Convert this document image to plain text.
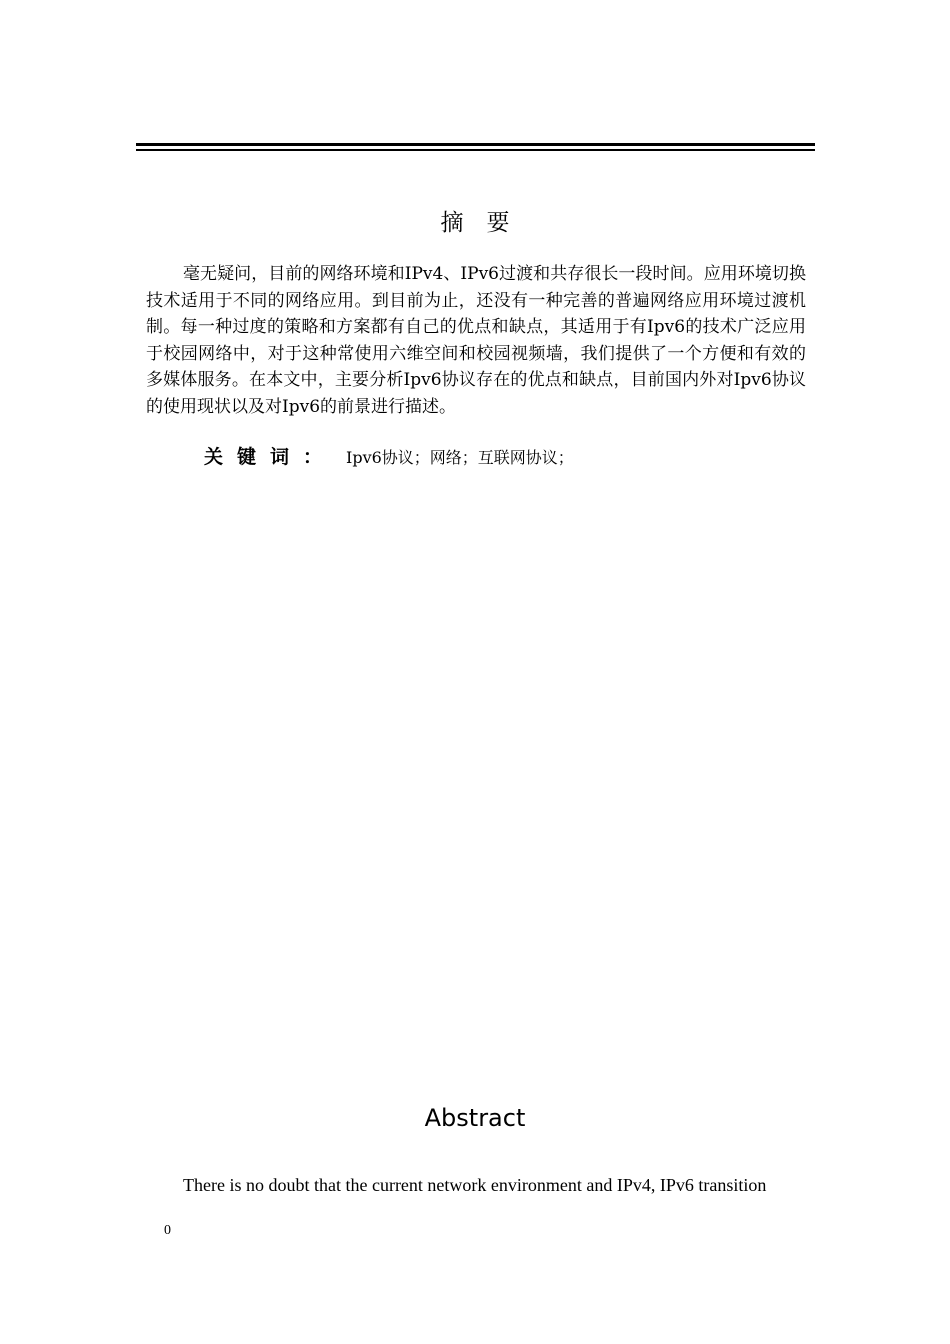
摘　要

毫无疑问，目前的网络环境和IPv4、IPv6过渡和共存很长一段时间。应用环境切换技术适用于不同的网络应用。到目前为止，还没有一种完善的普遍网络应用环境过渡机制。每一种过度的策略和方案都有自己的优点和缺点，其适用于有Ipv6的技术广泛应用于校园网络中，对于这种常使用六维空间和校园视频墙，我们提供了一个方便和有效的多媒体服务。在本文中，主要分析Ipv6协议存在的优点和缺点，目前国内外对Ipv6协议的使用现状以及对Ipv6的前景进行描述。

关键词： Ipv6协议；网络；互联网协议；
Abstract

There is no doubt that the current network environment and IPv4, IPv6 transition

0
